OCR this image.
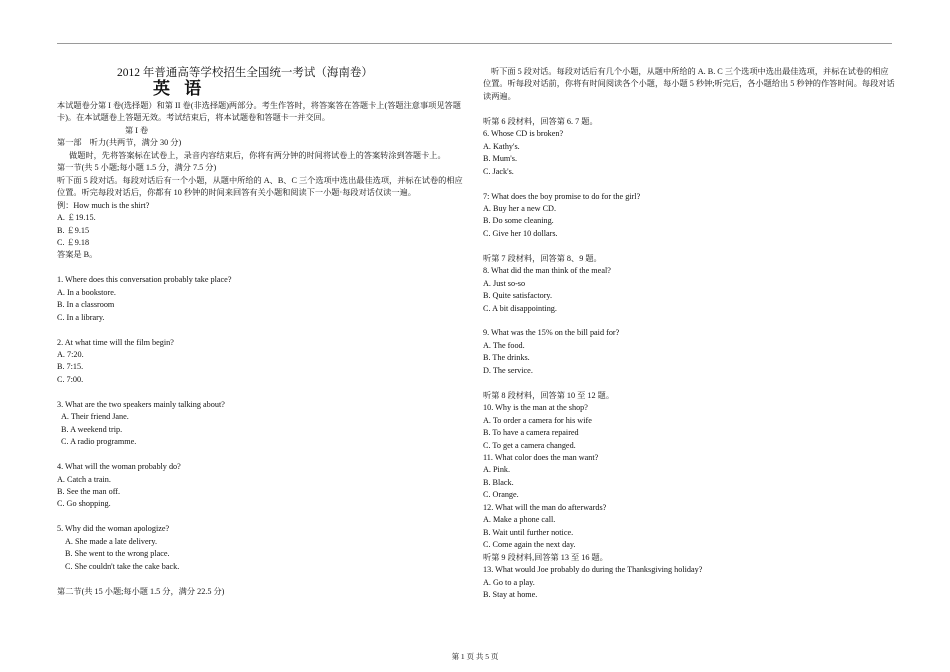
2012 年普通高等学校招生全国统一考试（海南卷）
英 语
本试题卷分第 I 卷(选择题）和第 II 卷(非选择题)两部分。考生作答时，将答案答在答题卡上(答题注意事项见答题卡)。在本试题卷上答题无效。考试结束后，将本试题卷和答题卡一并交回。
第 I 卷
第一部　听力(共两节，满分 30 分)
做题时，先将答案标在试卷上，录音内容结束后，你将有两分钟的时间将试卷上的答案转涂到答题卡上。
第一节(共 5 小题;每小题 1.5 分，满分 7.5 分)
听下面 5 段对话。每段对话后有一个小题，从题中所给的 A、B、C 三个选项中选出最佳选项，并标在试卷的相应位置。听完每段对话后，你都有 10 秒钟的时间来回答有关小题和阅读下一小题·每段对话仅读一遍。
例：How much is the shirt?
A. ￡19.15.
B. ￡9.15
C. ￡9.18
答案是 B。
1. Where does this conversation probably take place?
A. In a bookstore.
B. In a classroom
C. In a library.
2. At what time will the film begin?
A. 7:20.
B. 7:15.
C. 7:00.
3. What are the two speakers mainly talking about?
A. Their friend Jane.
B. A weekend trip.
C. A radio programme.
4. What will the woman probably do?
A. Catch a train.
B. See the man off.
C. Go shopping.
5. Why did the woman apologize?
A. She made a late delivery.
B. She went to the wrong place.
C. She couldn't take the cake back.
第二节(共 15 小题;每小题 1.5 分，满分 22.5 分)
听下面 5 段对话。每段对话后有几个小题，从题中所给的 A. B. C 三个选项中选出最佳选项，并标在试卷的相应位置。听每段对话前，你将有时间阅读各个小题，每小题 5 秒钟;听完后，各小题给出 5 秒钟的作答时间。每段对话读两遍。
听第 6 段材料，回答第 6. 7 题。
6. Whose CD is broken?
A. Kathy's.
B. Mum's.
C. Jack's.
7: What does the boy promise to do for the girl?
A. Buy her a new CD.
B. Do some cleaning.
C. Give her 10 dollars.
听第 7 段材料，回答第 8、9 题。
8. What did the man think of the meal?
A. Just so-so
B. Quite satisfactory.
C. A bit disappointing.
9. What was the 15% on the bill paid for?
A. The food.
B. The drinks.
D. The service.
听第 8 段材料，回答第 10 至 12 题。
10. Why is the man at the shop?
A. To order a camera for his wife
B. To have a camera repaired
C. To get a camera changed.
11. What color does the man want?
A. Pink.
B. Black.
C. Orange.
12. What will the man do afterwards?
A. Make a phone call.
B. Wait until further notice.
C. Come again the next day.
听第 9 段材料,回答第 13 至 16 题。
13. What would Joe probably do during the Thanksgiving holiday?
A. Go to a play.
B. Stay at home.
第 1 页 共 5 页
